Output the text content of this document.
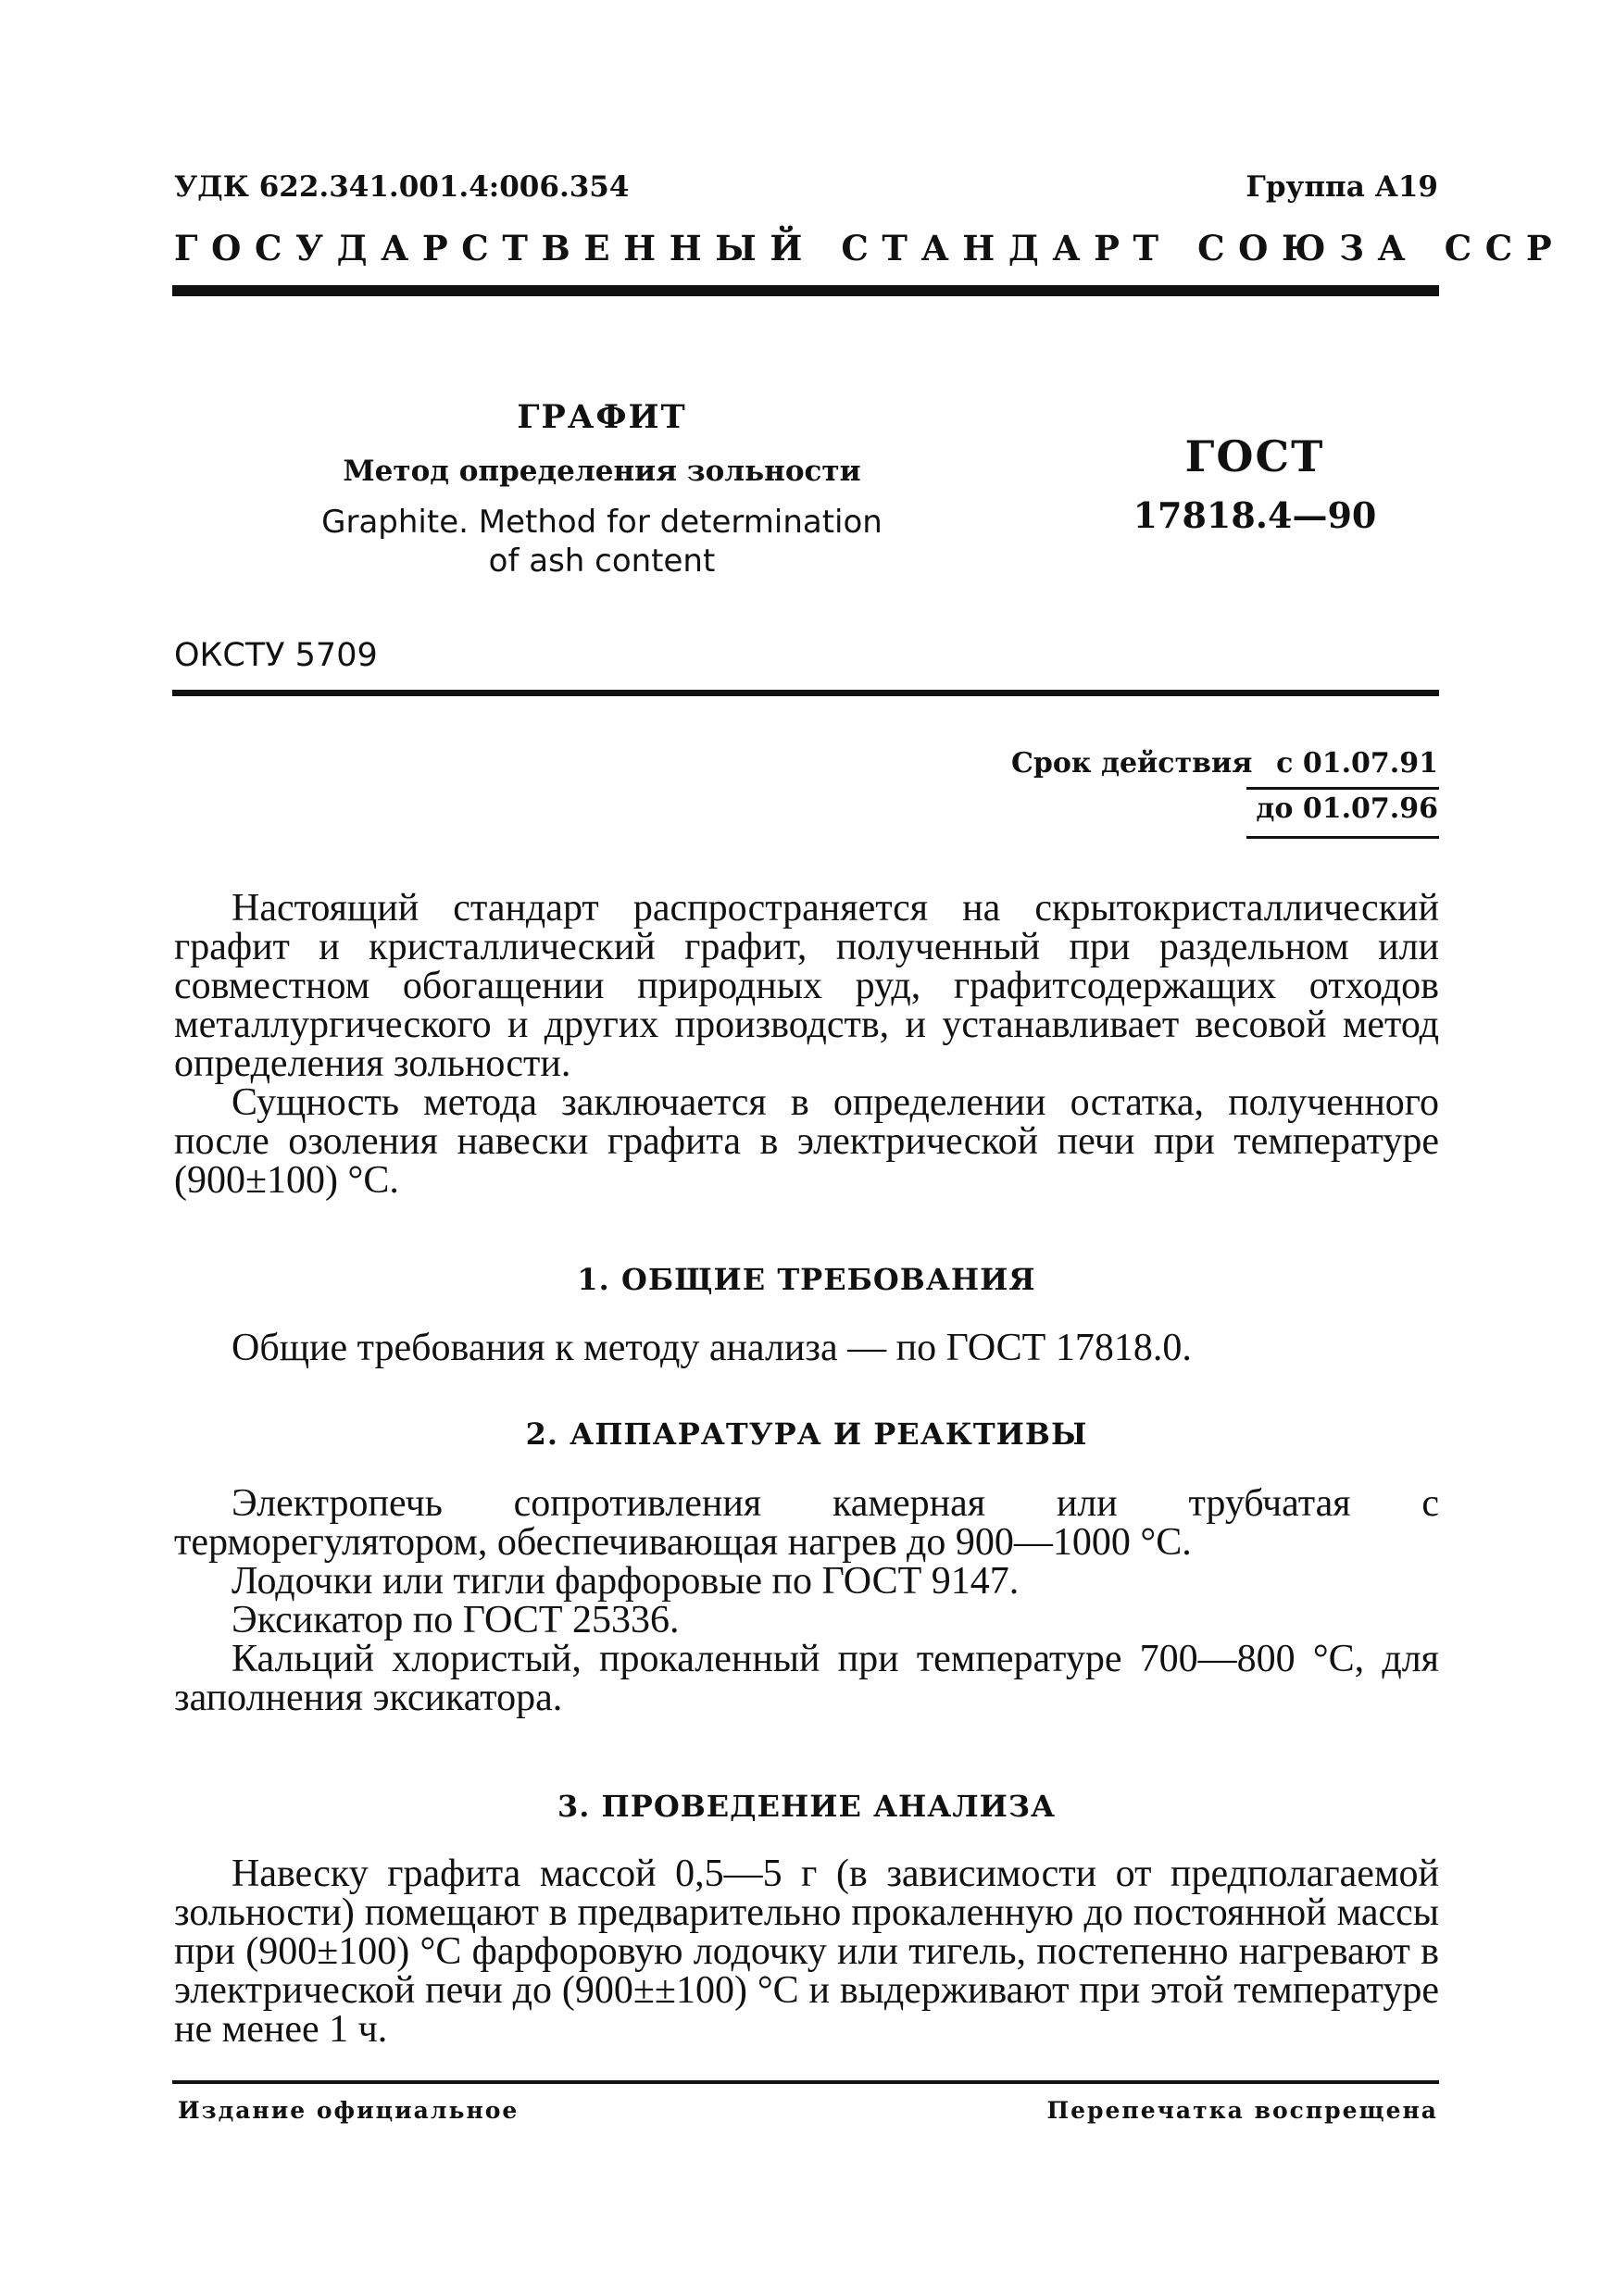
УДК 622.341.001.4:006.354	Группа А19
ГОСУДАРСТВЕННЫЙ СТАНДАРТ СОЮЗА ССР
ГРАФИТ
Метод определения зольности
Graphite. Method for determination
of ash content
ГОСТ
17818.4—90
ОКСТУ 5709
Срок действия с 01.07.91
до 01.07.96

Настоящий стандарт распространяется на скрытокристаллический графит и кристаллический графит, полученный при раздельном или совместном обогащении природных руд, графитсодержащих отходов металлургического и других производств, и устанавливает весовой метод определения зольности.

Сущность метода заключается в определении остатка, полученного после озоления навески графита в электрической печи при температуре (900±100) °С.

1. ОБЩИЕ ТРЕБОВАНИЯ

Общие требования к методу анализа — по ГОСТ 17818.0.

2. АППАРАТУРА И РЕАКТИВЫ

Электропечь сопротивления камерная или трубчатая с терморегулятором, обеспечивающая нагрев до 900—1000 °С.

Лодочки или тигли фарфоровые по ГОСТ 9147.

Эксикатор по ГОСТ 25336.

Кальций хлористый, прокаленный при температуре 700—800 °С, для заполнения эксикатора.

3. ПРОВЕДЕНИЕ АНАЛИЗА

Навеску графита массой 0,5—5 г (в зависимости от предполагаемой зольности) помещают в предварительно прокаленную до постоянной массы при (900±100) °С фарфоровую лодочку или тигель, постепенно нагревают в электрической печи до (900±±100) °С и выдерживают при этой температуре не менее 1 ч.

Издание официальное	Перепечатка воспрещена
